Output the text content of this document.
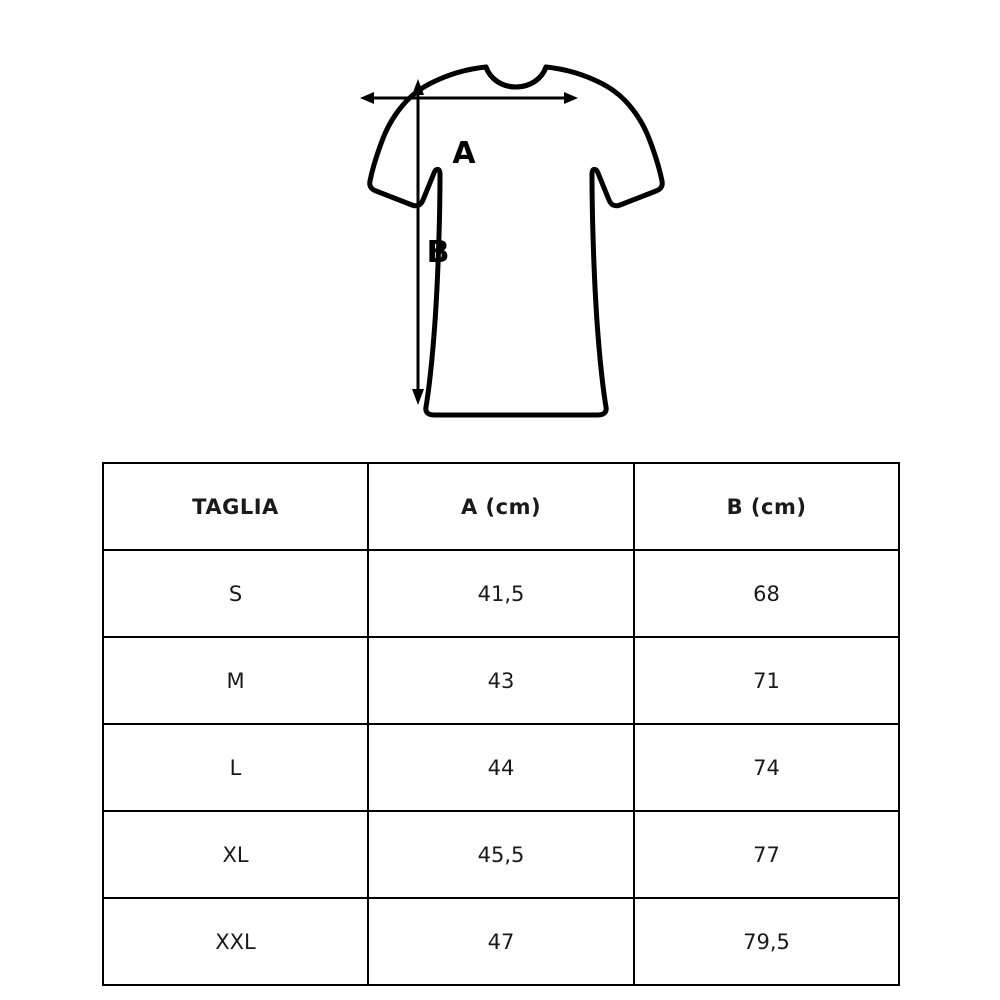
A
B
TAGLIA	A (cm)	B (cm)
S	41,5	68
M	43	71
L	44	74
XL	45,5	77
XXL	47	79,5
